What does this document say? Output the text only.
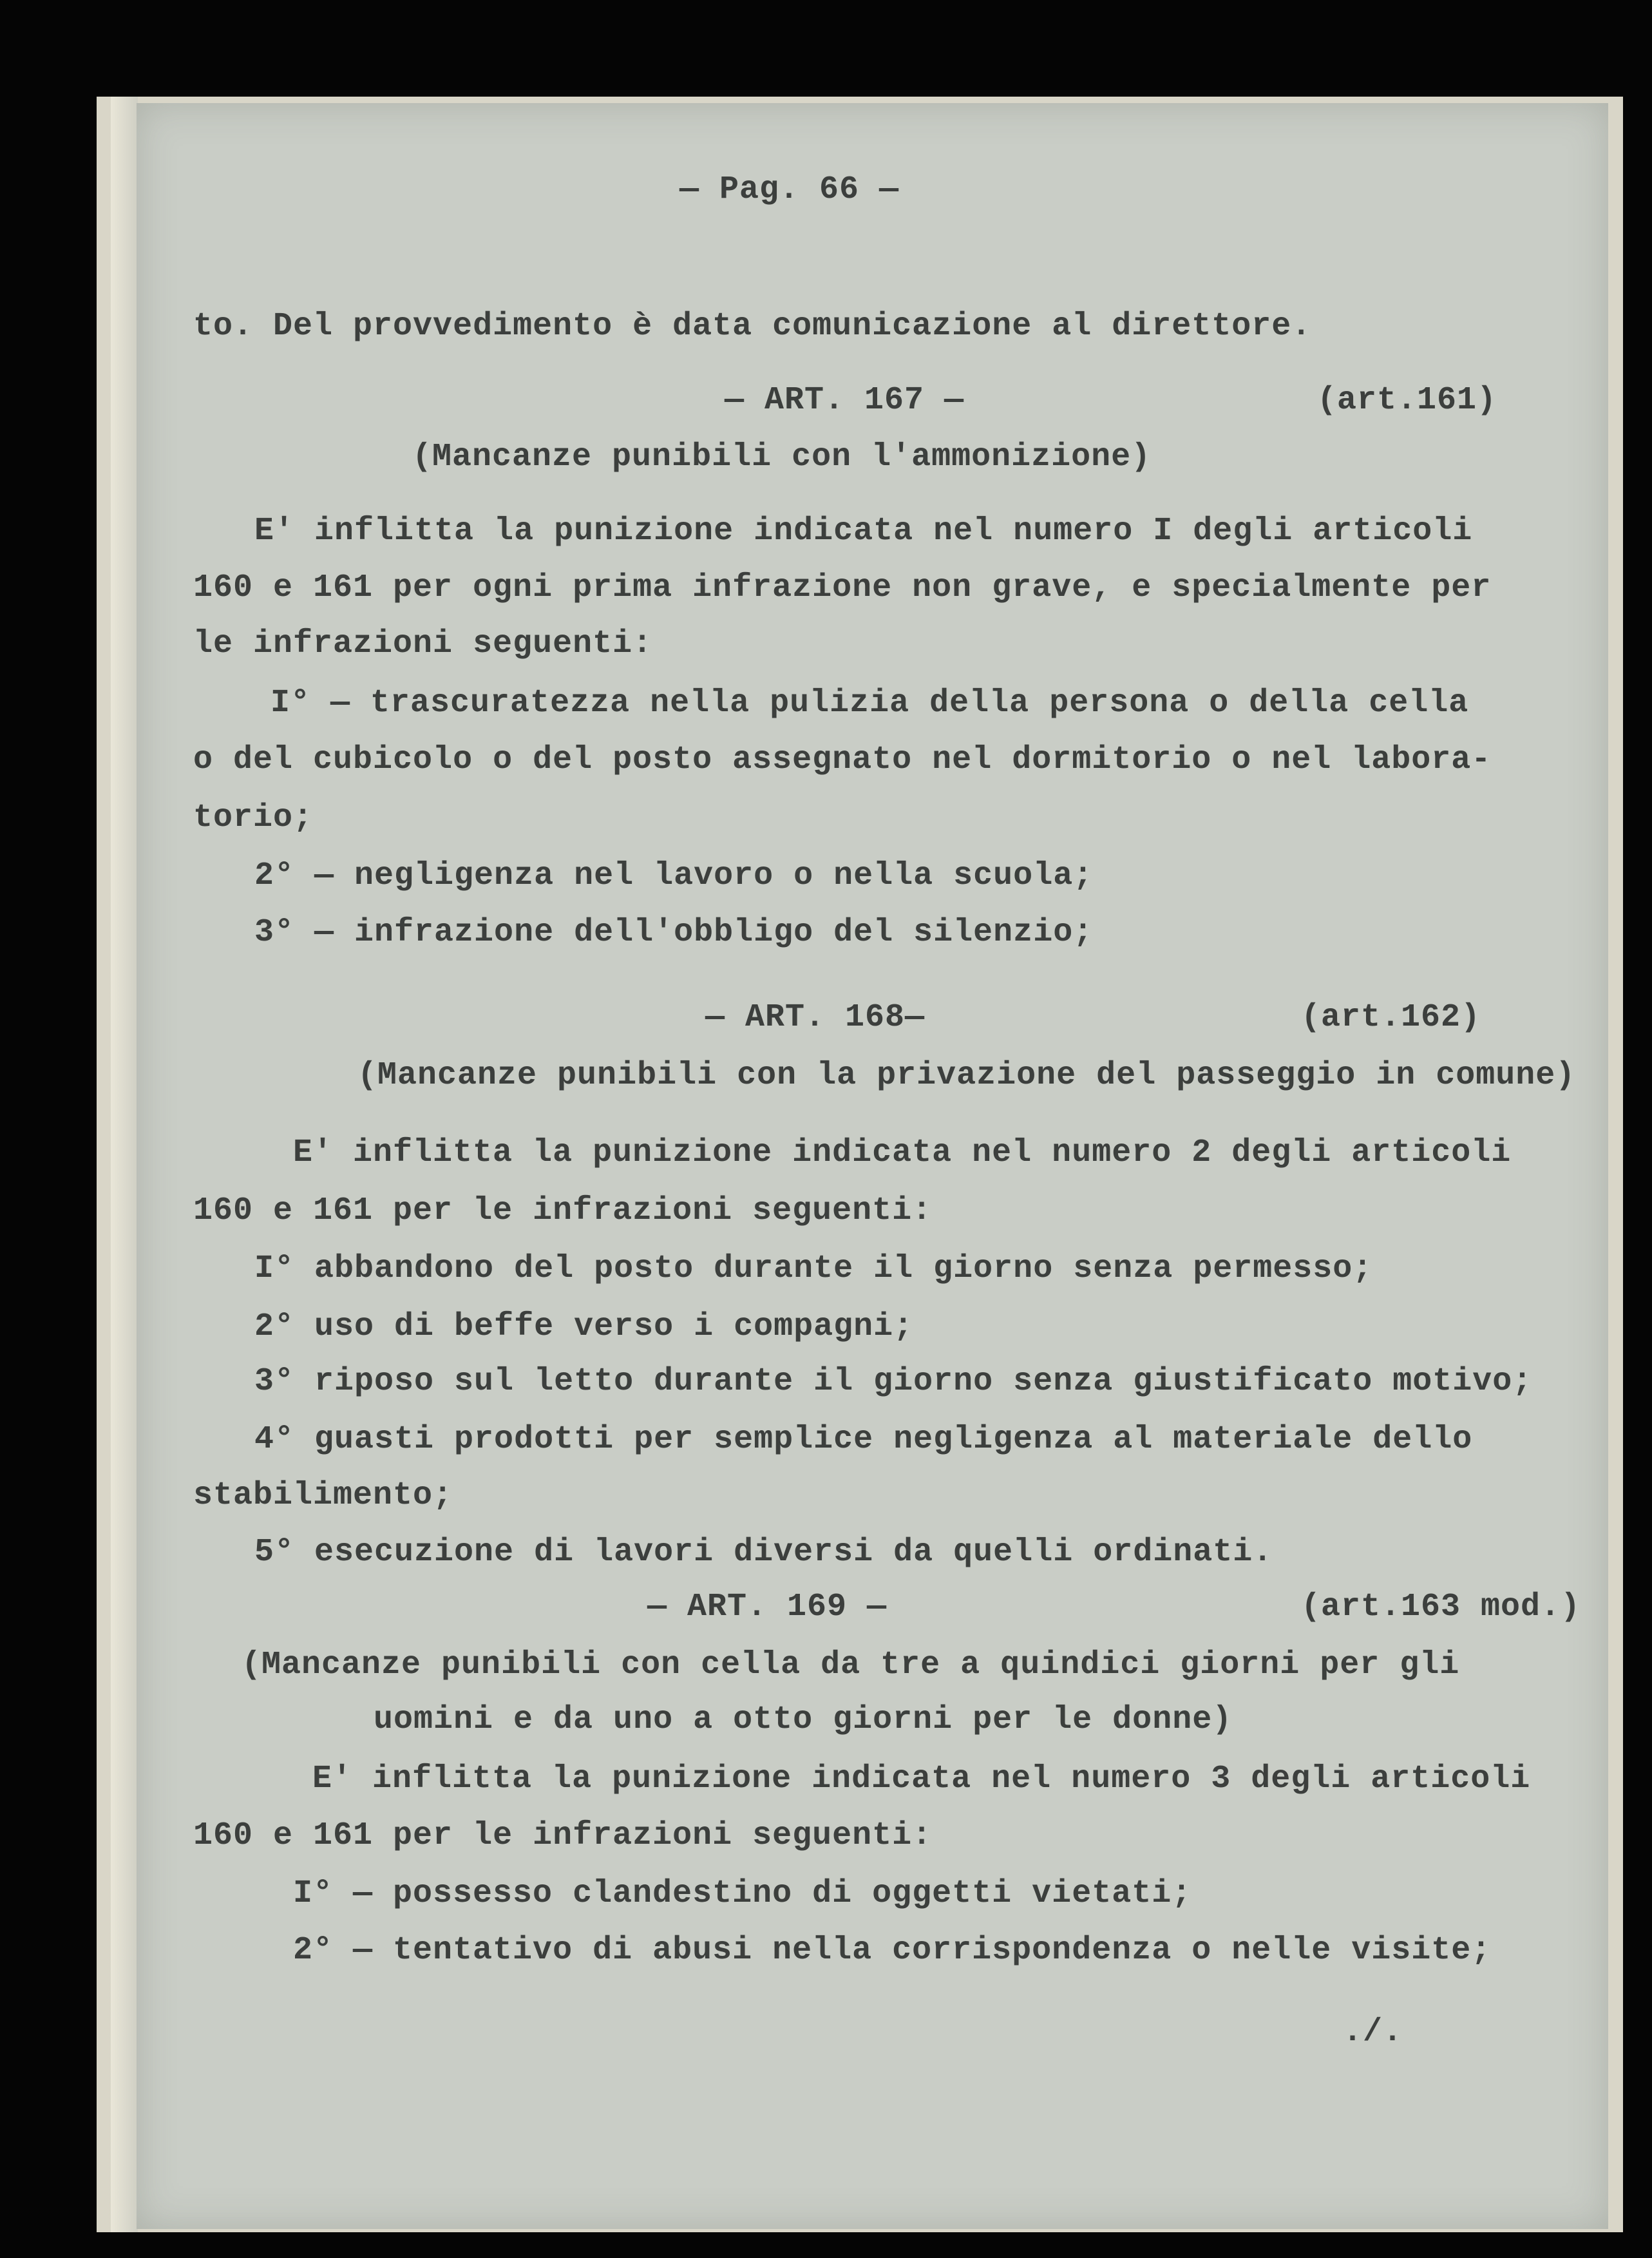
— Pag. 66 —
to. Del provvedimento è data comunicazione al direttore.
— ART. 167 —	(art.161)
(Mancanze punibili con l'ammonizione)
E' inflitta la punizione indicata nel numero I degli articoli
160 e 161 per ogni prima infrazione non grave, e specialmente per
le infrazioni seguenti:
I° — trascuratezza nella pulizia della persona o della cella
o del cubicolo o del posto assegnato nel dormitorio o nel labora-
torio;
2° — negligenza nel lavoro o nella scuola;
3° — infrazione dell'obbligo del silenzio;
— ART. 168—	(art.162)
(Mancanze punibili con la privazione del passeggio in comune)
E' inflitta la punizione indicata nel numero 2 degli articoli
160 e 161 per le infrazioni seguenti:
I° abbandono del posto durante il giorno senza permesso;
2° uso di beffe verso i compagni;
3° riposo sul letto durante il giorno senza giustificato motivo;
4° guasti prodotti per semplice negligenza al materiale dello
stabilimento;
5° esecuzione di lavori diversi da quelli ordinati.
— ART. 169 —	(art.163 mod.)
(Mancanze punibili con cella da tre a quindici giorni per gli
uomini e da uno a otto giorni per le donne)
E' inflitta la punizione indicata nel numero 3 degli articoli
160 e 161 per le infrazioni seguenti:
I° — possesso clandestino di oggetti vietati;
2° — tentativo di abusi nella corrispondenza o nelle visite;
./.
